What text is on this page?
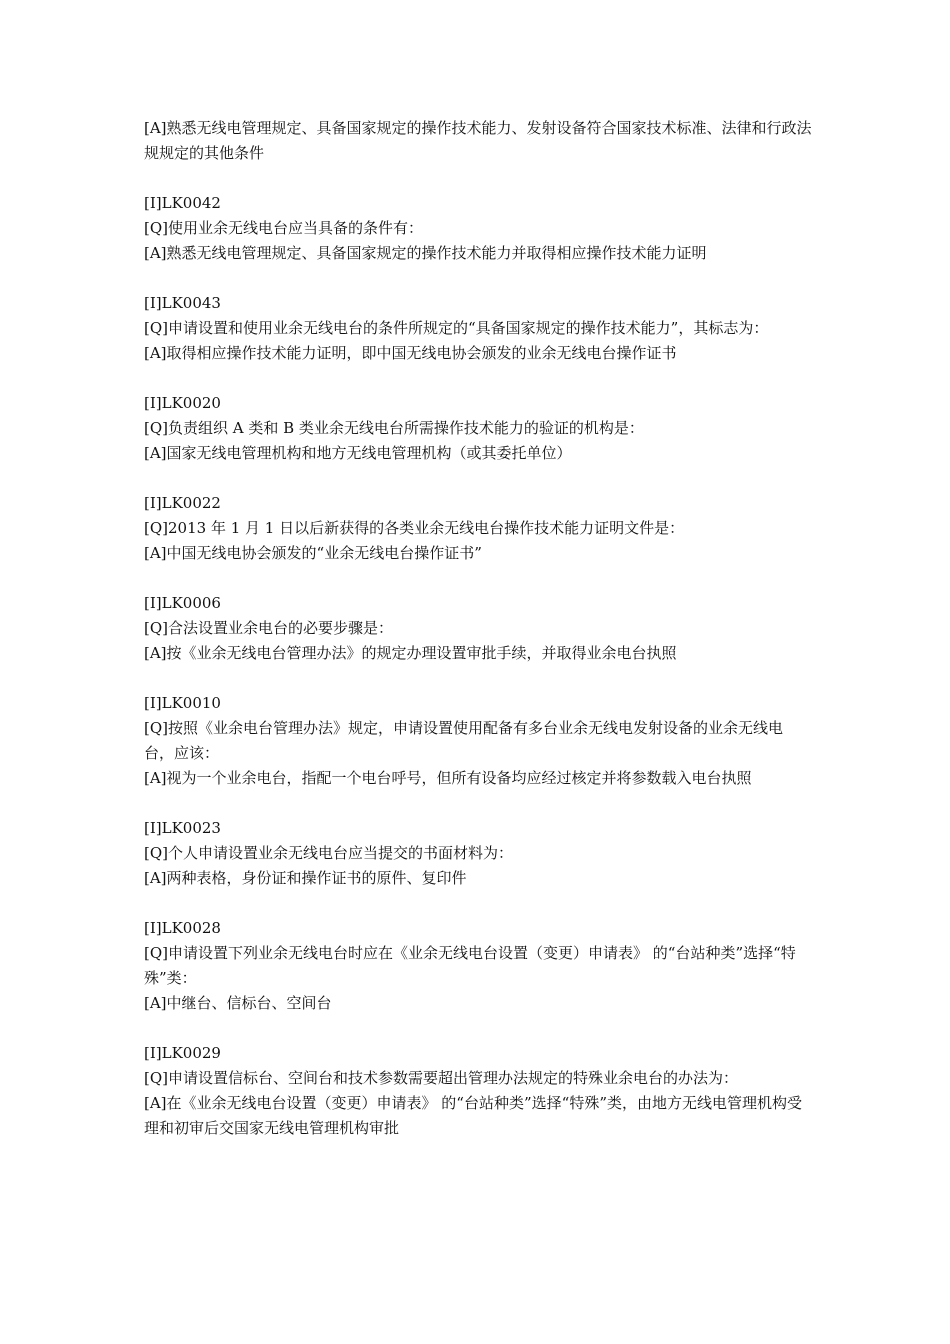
[A]熟悉无线电管理规定、具备国家规定的操作技术能力、发射设备符合国家技术标准、法律和行政法规规定的其他条件

[I]LK0042

[Q]使用业余无线电台应当具备的条件有：

[A]熟悉无线电管理规定、具备国家规定的操作技术能力并取得相应操作技术能力证明

[I]LK0043

[Q]申请设置和使用业余无线电台的条件所规定的“具备国家规定的操作技术能力”，其标志为：

[A]取得相应操作技术能力证明，即中国无线电协会颁发的业余无线电台操作证书

[I]LK0020

[Q]负责组织 A 类和 B 类业余无线电台所需操作技术能力的验证的机构是：

[A]国家无线电管理机构和地方无线电管理机构（或其委托单位）

[I]LK0022

[Q]2013 年 1 月 1 日以后新获得的各类业余无线电台操作技术能力证明文件是：

[A]中国无线电协会颁发的“业余无线电台操作证书”

[I]LK0006

[Q]合法设置业余电台的必要步骤是：

[A]按《业余无线电台管理办法》的规定办理设置审批手续，并取得业余电台执照

[I]LK0010

[Q]按照《业余电台管理办法》规定，申请设置使用配备有多台业余无线电发射设备的业余无线电台，应该：

[A]视为一个业余电台，指配一个电台呼号，但所有设备均应经过核定并将参数载入电台执照

[I]LK0023

[Q]个人申请设置业余无线电台应当提交的书面材料为：

[A]两种表格，身份证和操作证书的原件、复印件

[I]LK0028

[Q]申请设置下列业余无线电台时应在《业余无线电台设置（变更）申请表》 的“台站种类”选择“特殊”类：

[A]中继台、信标台、空间台

[I]LK0029

[Q]申请设置信标台、空间台和技术参数需要超出管理办法规定的特殊业余电台的办法为：

[A]在《业余无线电台设置（变更）申请表》 的“台站种类”选择“特殊”类，由地方无线电管理机构受理和初审后交国家无线电管理机构审批
